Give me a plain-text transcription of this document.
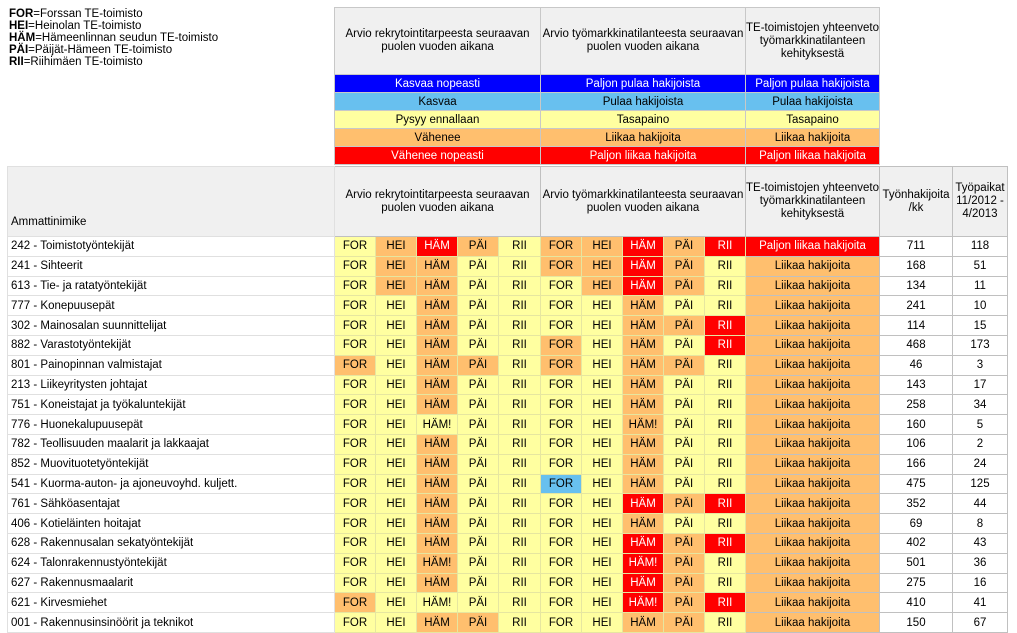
FOR=Forssan TE-toimisto
HEI=Heinolan TE-toimisto
HÄM=Hämeenlinnan seudun TE-toimisto
PÄI=Päijät-Hämeen TE-toimisto
RII=Riihimäen TE-toimisto
Arvio rekrytointitarpeesta seuraavan puolen vuoden aikana	Arvio työmarkkinatilanteesta seuraavan puolen vuoden aikana	TE-toimistojen yhteenveto työmarkkinatilanteen kehityksestä
Kasvaa nopeasti	Paljon pulaa hakijoista	Paljon pulaa hakijoista
Kasvaa	Pulaa hakijoista	Pulaa hakijoista
Pysyy ennallaan	Tasapaino	Tasapaino
Vähenee	Liikaa hakijoita	Liikaa hakijoita
Vähenee nopeasti	Paljon liikaa hakijoita	Paljon liikaa hakijoita
Ammattinimike	Arvio rekrytointitarpeesta seuraavan puolen vuoden aikana					Arvio työmarkkinatilanteesta seuraavan puolen vuoden aikana					TE-toimistojen yhteenveto työmarkkinatilanteen kehityksestä	Työnhakijoita /kk	Työpaikat 11/2012 - 4/2013
242 - Toimistotyöntekijät	FOR	HEI	HÄM	PÄI	RII	FOR	HEI	HÄM	PÄI	RII	Paljon liikaa hakijoita	711	118
241 - Sihteerit	FOR	HEI	HÄM	PÄI	RII	FOR	HEI	HÄM	PÄI	RII	Liikaa hakijoita	168	51
613 - Tie- ja ratatyöntekijät	FOR	HEI	HÄM	PÄI	RII	FOR	HEI	HÄM	PÄI	RII	Liikaa hakijoita	134	11
777 - Konepuusepät	FOR	HEI	HÄM	PÄI	RII	FOR	HEI	HÄM	PÄI	RII	Liikaa hakijoita	241	10
302 - Mainosalan suunnittelijat	FOR	HEI	HÄM	PÄI	RII	FOR	HEI	HÄM	PÄI	RII	Liikaa hakijoita	114	15
882 - Varastotyöntekijät	FOR	HEI	HÄM	PÄI	RII	FOR	HEI	HÄM	PÄI	RII	Liikaa hakijoita	468	173
801 - Painopinnan valmistajat	FOR	HEI	HÄM	PÄI	RII	FOR	HEI	HÄM	PÄI	RII	Liikaa hakijoita	46	3
213 - Liikeyritysten johtajat	FOR	HEI	HÄM	PÄI	RII	FOR	HEI	HÄM	PÄI	RII	Liikaa hakijoita	143	17
751 - Koneistajat ja työkaluntekijät	FOR	HEI	HÄM	PÄI	RII	FOR	HEI	HÄM	PÄI	RII	Liikaa hakijoita	258	34
776 - Huonekalupuusepät	FOR	HEI	HÄM!	PÄI	RII	FOR	HEI	HÄM!	PÄI	RII	Liikaa hakijoita	160	5
782 - Teollisuuden maalarit ja lakkaajat	FOR	HEI	HÄM	PÄI	RII	FOR	HEI	HÄM	PÄI	RII	Liikaa hakijoita	106	2
852 - Muovituotetyöntekijät	FOR	HEI	HÄM	PÄI	RII	FOR	HEI	HÄM	PÄI	RII	Liikaa hakijoita	166	24
541 - Kuorma-auton- ja ajoneuvoyhd. kuljett.	FOR	HEI	HÄM	PÄI	RII	FOR	HEI	HÄM	PÄI	RII	Liikaa hakijoita	475	125
761 - Sähköasentajat	FOR	HEI	HÄM	PÄI	RII	FOR	HEI	HÄM	PÄI	RII	Liikaa hakijoita	352	44
406 - Kotieläinten hoitajat	FOR	HEI	HÄM	PÄI	RII	FOR	HEI	HÄM	PÄI	RII	Liikaa hakijoita	69	8
628 - Rakennusalan sekatyöntekijät	FOR	HEI	HÄM	PÄI	RII	FOR	HEI	HÄM	PÄI	RII	Liikaa hakijoita	402	43
624 - Talonrakennustyöntekijät	FOR	HEI	HÄM!	PÄI	RII	FOR	HEI	HÄM!	PÄI	RII	Liikaa hakijoita	501	36
627 - Rakennusmaalarit	FOR	HEI	HÄM	PÄI	RII	FOR	HEI	HÄM	PÄI	RII	Liikaa hakijoita	275	16
621 - Kirvesmiehet	FOR	HEI	HÄM!	PÄI	RII	FOR	HEI	HÄM!	PÄI	RII	Liikaa hakijoita	410	41
001 - Rakennusinsinöörit ja teknikot	FOR	HEI	HÄM	PÄI	RII	FOR	HEI	HÄM	PÄI	RII	Liikaa hakijoita	150	67
